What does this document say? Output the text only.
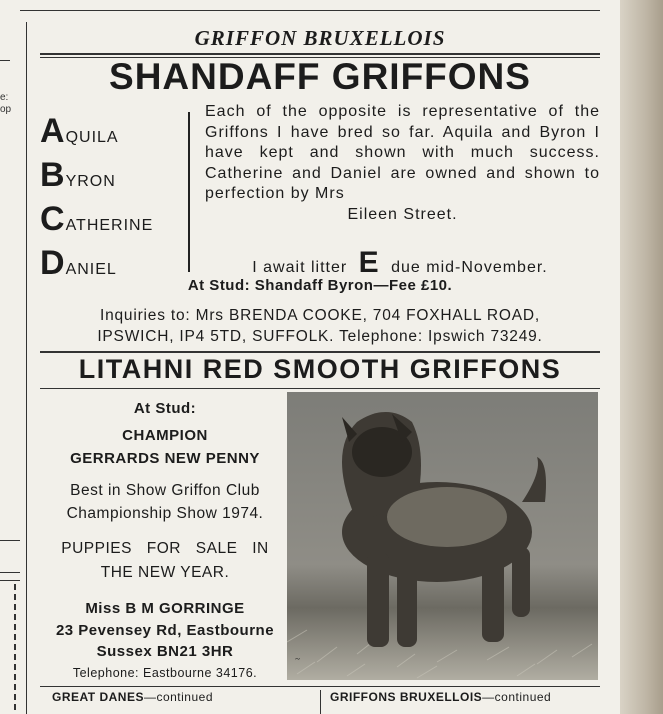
e:
op
GRIFFON BRUXELLOIS
SHANDAFF GRIFFONS
A QUILA
B YRON
C ATHERINE
D ANIEL
Each of the opposite is representative of the Griffons I have bred so far. Aquila and Byron I have kept and shown with much success. Catherine and Daniel are owned and shown to perfection by Mrs
Eileen Street.
I await litter E due mid-November.
At Stud: Shandaff Byron—Fee £10.
Inquiries to: Mrs BRENDA COOKE, 704 FOXHALL ROAD,
IPSWICH, IP4 5TD, SUFFOLK. Telephone: Ipswich 73249.
LITAHNI RED SMOOTH GRIFFONS
At Stud:
CHAMPION
GERRARDS NEW PENNY
Best in Show Griffon Club
Championship Show 1974.
PUPPIES FOR SALE IN
THE NEW YEAR.
Miss B M GORRINGE
23 Pevensey Rd, Eastbourne
Sussex BN21 3HR
Telephone: Eastbourne 34176.
~
GREAT DANES—continued	GRIFFONS BRUXELLOIS—continued
